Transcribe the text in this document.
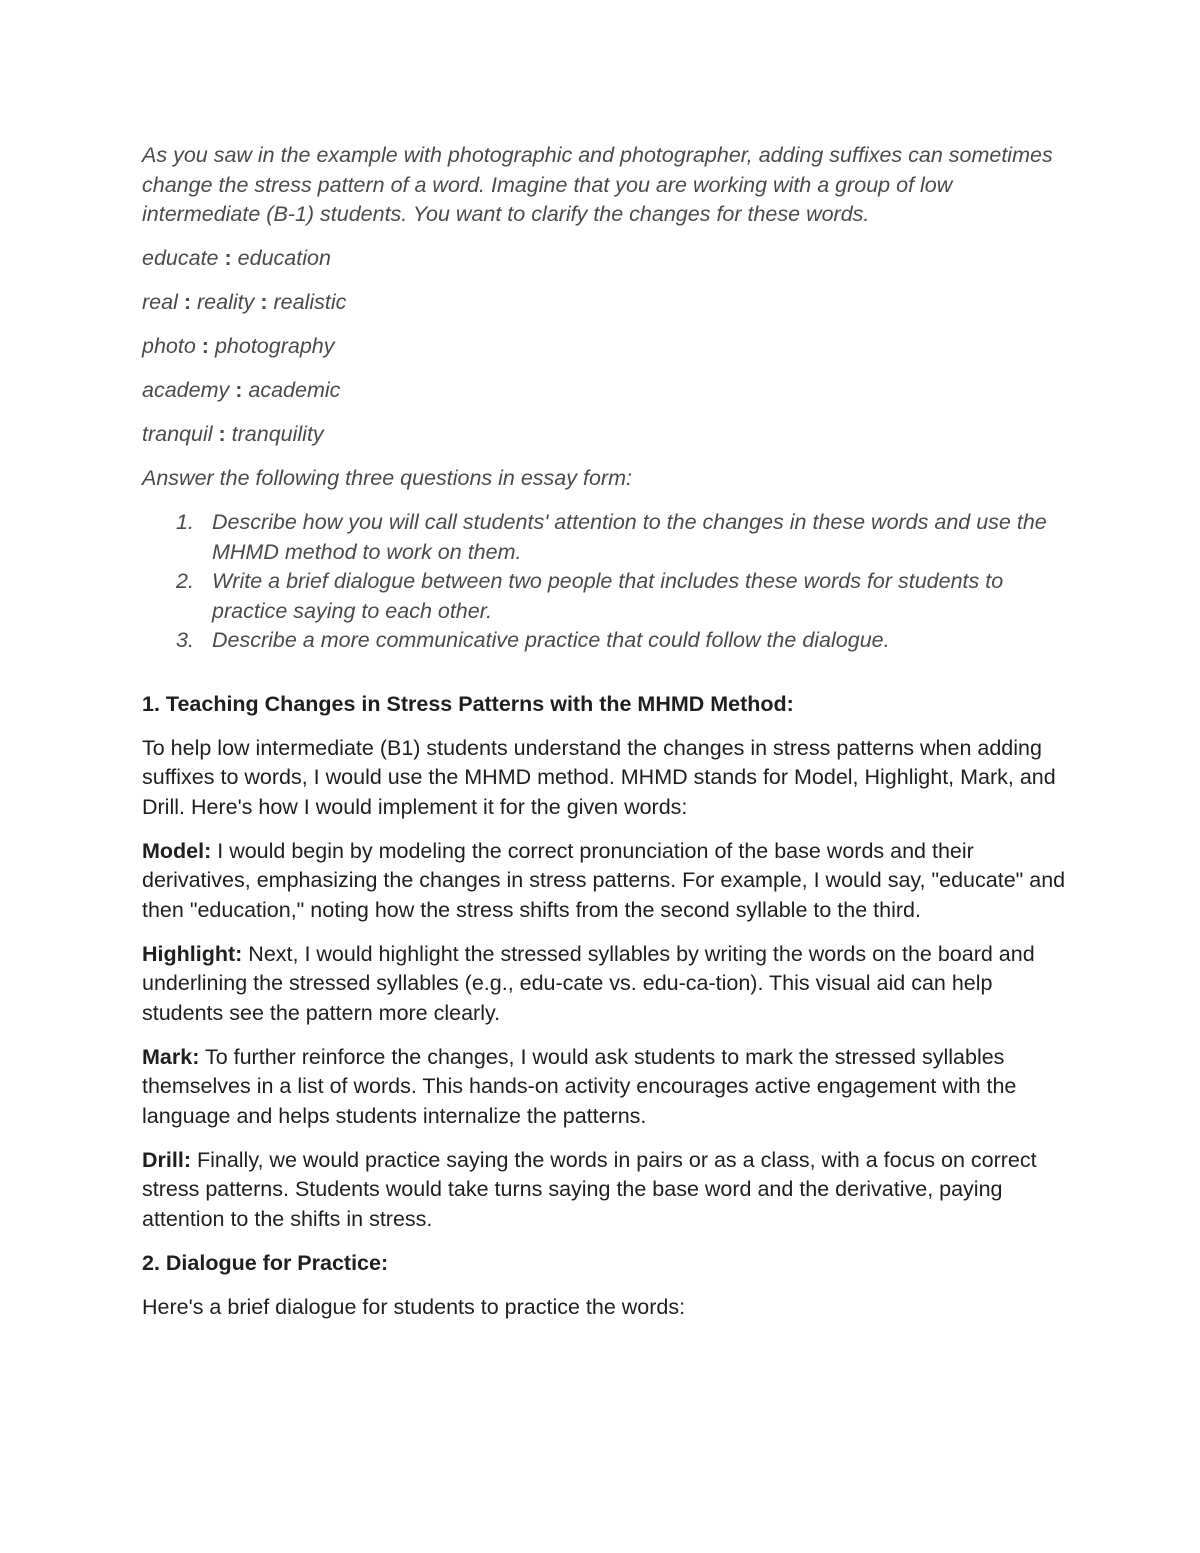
As you saw in the example with photographic and photographer, adding suffixes can sometimes change the stress pattern of a word. Imagine that you are working with a group of low intermediate (B-1) students. You want to clarify the changes for these words.

educate : education

real : reality : realistic

photo : photography

academy : academic

tranquil : tranquility

Answer the following three questions in essay form:

1. Describe how you will call students' attention to the changes in these words and use the MHMD method to work on them.
2. Write a brief dialogue between two people that includes these words for students to practice saying to each other.
3. Describe a more communicative practice that could follow the dialogue.
1. Teaching Changes in Stress Patterns with the MHMD Method:

To help low intermediate (B1) students understand the changes in stress patterns when adding suffixes to words, I would use the MHMD method. MHMD stands for Model, Highlight, Mark, and Drill. Here's how I would implement it for the given words:

Model: I would begin by modeling the correct pronunciation of the base words and their derivatives, emphasizing the changes in stress patterns. For example, I would say, "educate" and then "education," noting how the stress shifts from the second syllable to the third.

Highlight: Next, I would highlight the stressed syllables by writing the words on the board and underlining the stressed syllables (e.g., edu-cate vs. edu-ca-tion). This visual aid can help students see the pattern more clearly.

Mark: To further reinforce the changes, I would ask students to mark the stressed syllables themselves in a list of words. This hands-on activity encourages active engagement with the language and helps students internalize the patterns.

Drill: Finally, we would practice saying the words in pairs or as a class, with a focus on correct stress patterns. Students would take turns saying the base word and the derivative, paying attention to the shifts in stress.

2. Dialogue for Practice:

Here's a brief dialogue for students to practice the words:
